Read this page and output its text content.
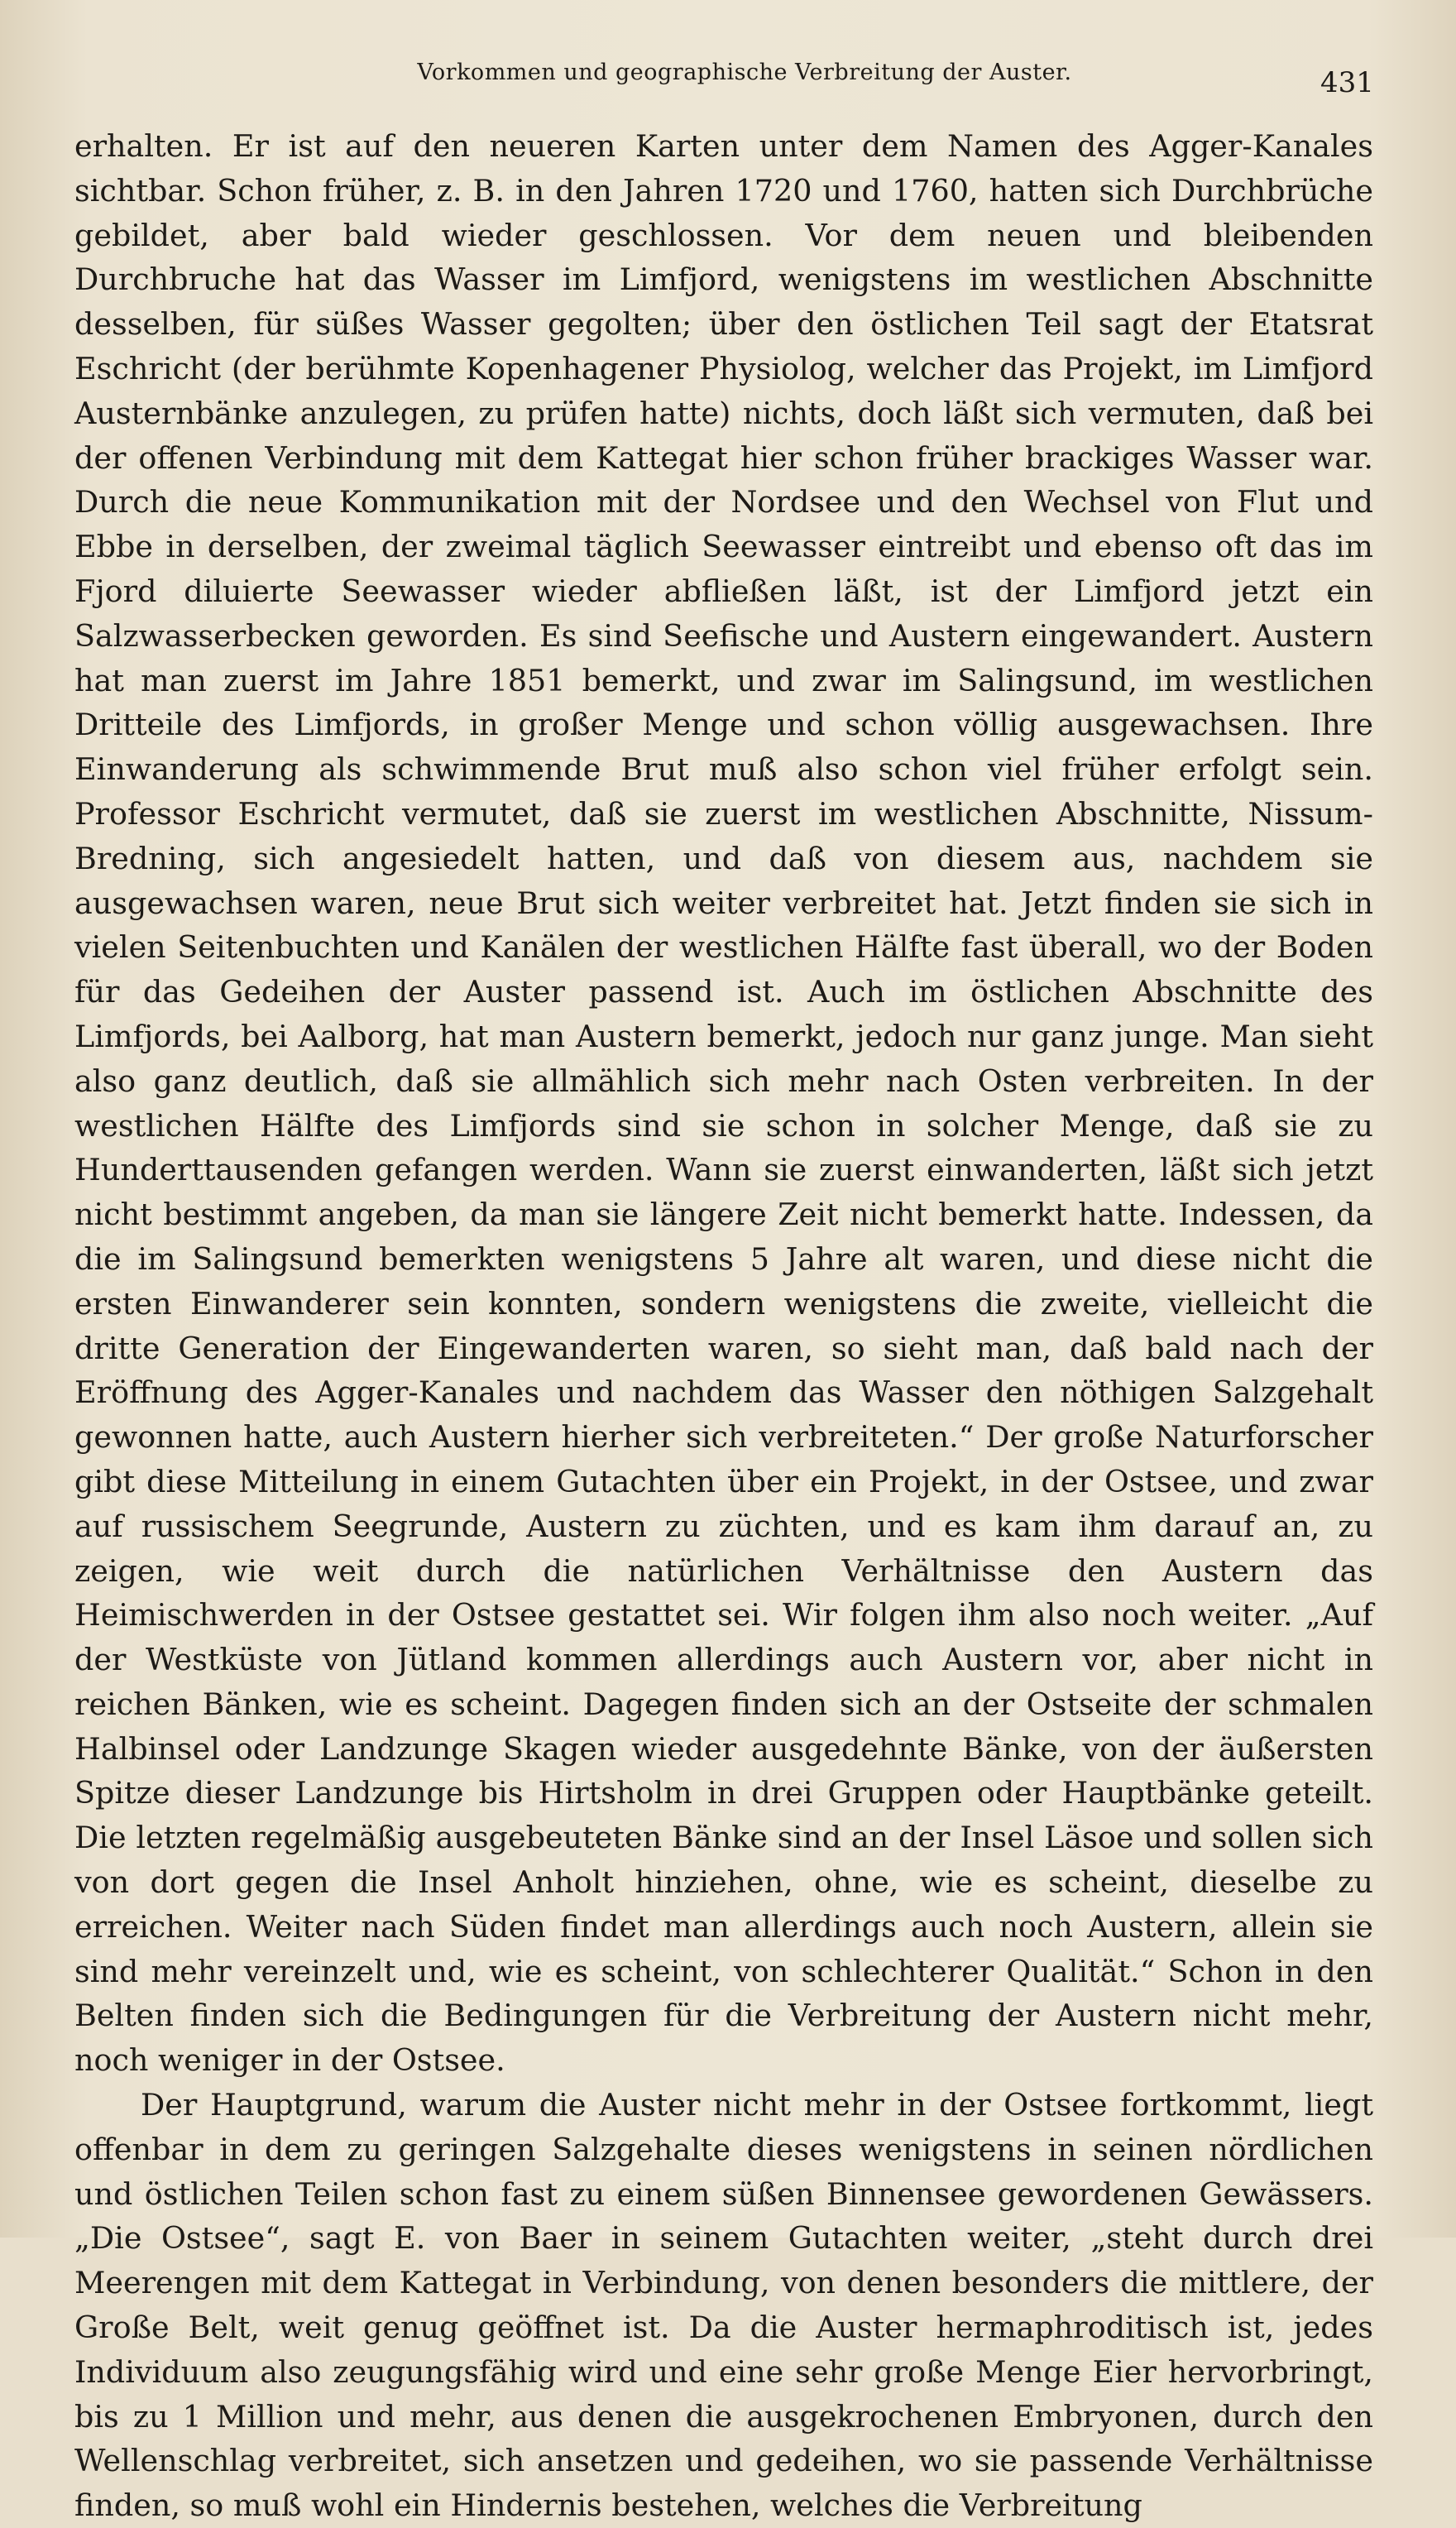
Vorkommen und geographische Verbreitung der Auster.	431

erhalten. Er ist auf den neueren Karten unter dem Namen des Agger-Kanales sichtbar. Schon früher, z. B. in den Jahren 1720 und 1760, hatten sich Durchbrüche gebildet, aber bald wieder geschlossen. Vor dem neuen und bleibenden Durchbruche hat das Wasser im Limfjord, wenigstens im westlichen Abschnitte desselben, für süßes Wasser gegolten; über den östlichen Teil sagt der Etatsrat Eschricht (der berühmte Kopenhagener Physiolog, welcher das Projekt, im Limfjord Austernbänke anzulegen, zu prüfen hatte) nichts, doch läßt sich vermuten, daß bei der offenen Verbindung mit dem Kattegat hier schon früher brackiges Wasser war. Durch die neue Kommunikation mit der Nordsee und den Wechsel von Flut und Ebbe in derselben, der zweimal täglich Seewasser eintreibt und ebenso oft das im Fjord diluierte Seewasser wieder abfließen läßt, ist der Limfjord jetzt ein Salzwasserbecken geworden. Es sind Seefische und Austern eingewandert. Austern hat man zuerst im Jahre 1851 bemerkt, und zwar im Salingsund, im westlichen Dritteile des Limfjords, in großer Menge und schon völlig ausgewachsen. Ihre Einwanderung als schwimmende Brut muß also schon viel früher erfolgt sein. Professor Eschricht vermutet, daß sie zuerst im westlichen Abschnitte, Nissum-Bredning, sich angesiedelt hatten, und daß von diesem aus, nachdem sie ausgewachsen waren, neue Brut sich weiter verbreitet hat. Jetzt finden sie sich in vielen Seitenbuchten und Kanälen der westlichen Hälfte fast überall, wo der Boden für das Gedeihen der Auster passend ist. Auch im östlichen Abschnitte des Limfjords, bei Aalborg, hat man Austern bemerkt, jedoch nur ganz junge. Man sieht also ganz deutlich, daß sie allmählich sich mehr nach Osten verbreiten. In der westlichen Hälfte des Limfjords sind sie schon in solcher Menge, daß sie zu Hunderttausenden gefangen werden. Wann sie zuerst einwanderten, läßt sich jetzt nicht bestimmt angeben, da man sie längere Zeit nicht bemerkt hatte. Indessen, da die im Salingsund bemerkten wenigstens 5 Jahre alt waren, und diese nicht die ersten Einwanderer sein konnten, sondern wenigstens die zweite, vielleicht die dritte Generation der Eingewanderten waren, so sieht man, daß bald nach der Eröffnung des Agger-Kanales und nachdem das Wasser den nöthigen Salzgehalt gewonnen hatte, auch Austern hierher sich verbreiteten.“ Der große Naturforscher gibt diese Mitteilung in einem Gutachten über ein Projekt, in der Ostsee, und zwar auf russischem Seegrunde, Austern zu züchten, und es kam ihm darauf an, zu zeigen, wie weit durch die natürlichen Verhältnisse den Austern das Heimischwerden in der Ostsee gestattet sei. Wir folgen ihm also noch weiter. „Auf der Westküste von Jütland kommen allerdings auch Austern vor, aber nicht in reichen Bänken, wie es scheint. Dagegen finden sich an der Ostseite der schmalen Halbinsel oder Landzunge Skagen wieder ausgedehnte Bänke, von der äußersten Spitze dieser Landzunge bis Hirtsholm in drei Gruppen oder Hauptbänke geteilt. Die letzten regelmäßig ausgebeuteten Bänke sind an der Insel Läsoe und sollen sich von dort gegen die Insel Anholt hinziehen, ohne, wie es scheint, dieselbe zu erreichen. Weiter nach Süden findet man allerdings auch noch Austern, allein sie sind mehr vereinzelt und, wie es scheint, von schlechterer Qualität.“ Schon in den Belten finden sich die Bedingungen für die Verbreitung der Austern nicht mehr, noch weniger in der Ostsee.

Der Hauptgrund, warum die Auster nicht mehr in der Ostsee fortkommt, liegt offenbar in dem zu geringen Salzgehalte dieses wenigstens in seinen nördlichen und östlichen Teilen schon fast zu einem süßen Binnensee gewordenen Gewässers. „Die Ostsee“, sagt E. von Baer in seinem Gutachten weiter, „steht durch drei Meerengen mit dem Kattegat in Verbindung, von denen besonders die mittlere, der Große Belt, weit genug geöffnet ist. Da die Auster hermaphroditisch ist, jedes Individuum also zeugungsfähig wird und eine sehr große Menge Eier hervorbringt, bis zu 1 Million und mehr, aus denen die ausgekrochenen Embryonen, durch den Wellenschlag verbreitet, sich ansetzen und gedeihen, wo sie passende Verhältnisse finden, so muß wohl ein Hindernis bestehen, welches die Verbreitung
